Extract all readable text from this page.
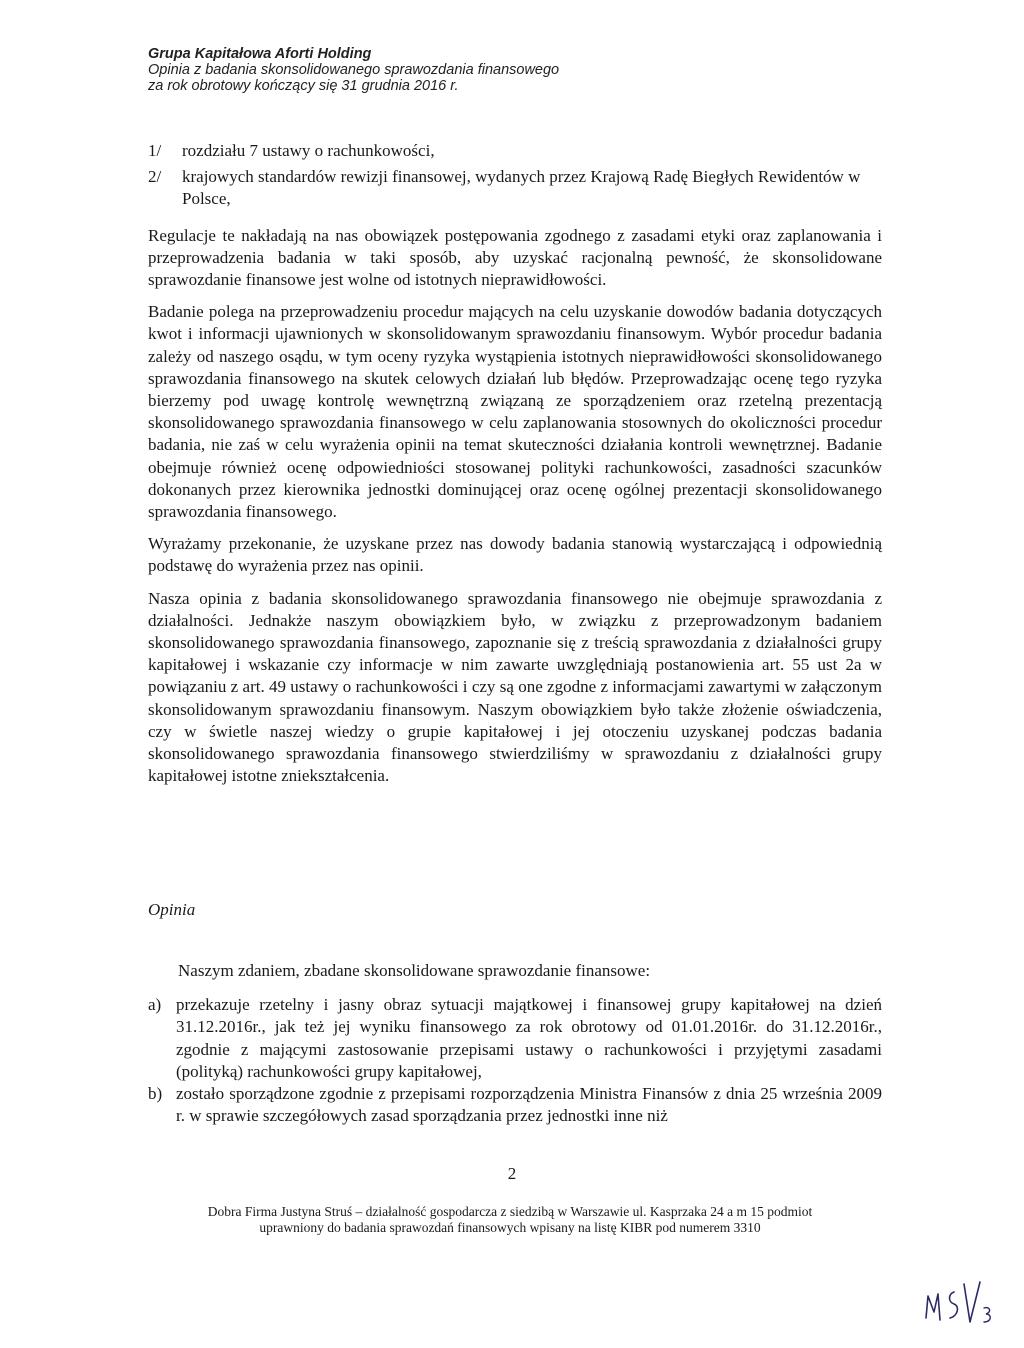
Grupa Kapitałowa Aforti Holding
Opinia z badania skonsolidowanego sprawozdania finansowego
za rok obrotowy kończący się 31 grudnia 2016 r.
1/	rozdziału 7 ustawy o rachunkowości,
2/	krajowych standardów rewizji finansowej, wydanych przez Krajową Radę Biegłych Rewidentów w Polsce,

Regulacje te nakładają na nas obowiązek postępowania zgodnego z zasadami etyki oraz zaplanowania i przeprowadzenia badania w taki sposób, aby uzyskać racjonalną pewność, że skonsolidowane sprawozdanie finansowe jest wolne od istotnych nieprawidłowości.

Badanie polega na przeprowadzeniu procedur mających na celu uzyskanie dowodów badania dotyczących kwot i informacji ujawnionych w skonsolidowanym sprawozdaniu finansowym. Wybór procedur badania zależy od naszego osądu, w tym oceny ryzyka wystąpienia istotnych nieprawidłowości skonsolidowanego sprawozdania finansowego na skutek celowych działań lub błędów. Przeprowadzając ocenę tego ryzyka bierzemy pod uwagę kontrolę wewnętrzną związaną ze sporządzeniem oraz rzetelną prezentacją skonsolidowanego sprawozdania finansowego w celu zaplanowania stosownych do okoliczności procedur badania, nie zaś w celu wyrażenia opinii na temat skuteczności działania kontroli wewnętrznej. Badanie obejmuje również ocenę odpowiedniości stosowanej polityki rachunkowości, zasadności szacunków dokonanych przez kierownika jednostki dominującej oraz ocenę ogólnej prezentacji skonsolidowanego sprawozdania finansowego.

Wyrażamy przekonanie, że uzyskane przez nas dowody badania stanowią wystarczającą i odpowiednią podstawę do wyrażenia przez nas opinii.

Nasza opinia z badania skonsolidowanego sprawozdania finansowego nie obejmuje sprawozdania z działalności. Jednakże naszym obowiązkiem było, w związku z przeprowadzonym badaniem skonsolidowanego sprawozdania finansowego, zapoznanie się z treścią sprawozdania z działalności grupy kapitałowej i wskazanie czy informacje w nim zawarte uwzględniają postanowienia art. 55 ust 2a w powiązaniu z art. 49 ustawy o rachunkowości i czy są one zgodne z informacjami zawartymi w załączonym skonsolidowanym sprawozdaniu finansowym. Naszym obowiązkiem było także złożenie oświadczenia, czy w świetle naszej wiedzy o grupie kapitałowej i jej otoczeniu uzyskanej podczas badania skonsolidowanego sprawozdania finansowego stwierdziliśmy w sprawozdaniu z działalności grupy kapitałowej istotne zniekształcenia.

Opinia
Naszym zdaniem, zbadane skonsolidowane sprawozdanie finansowe:
a) przekazuje rzetelny i jasny obraz sytuacji majątkowej i finansowej grupy kapitałowej na dzień 31.12.2016r., jak też jej wyniku finansowego za rok obrotowy od 01.01.2016r. do 31.12.2016r., zgodnie z mającymi zastosowanie przepisami ustawy o rachunkowości i przyjętymi zasadami (polityką) rachunkowości grupy kapitałowej,
b) zostało sporządzone zgodnie z przepisami rozporządzenia Ministra Finansów z dnia 25 września 2009 r. w sprawie szczegółowych zasad sporządzania przez jednostki inne niż
2
Dobra Firma Justyna Struś – działalność gospodarcza z siedzibą w Warszawie ul. Kasprzaka 24 a m 15 podmiot
uprawniony do badania sprawozdań finansowych wpisany na listę KIBR pod numerem 3310
